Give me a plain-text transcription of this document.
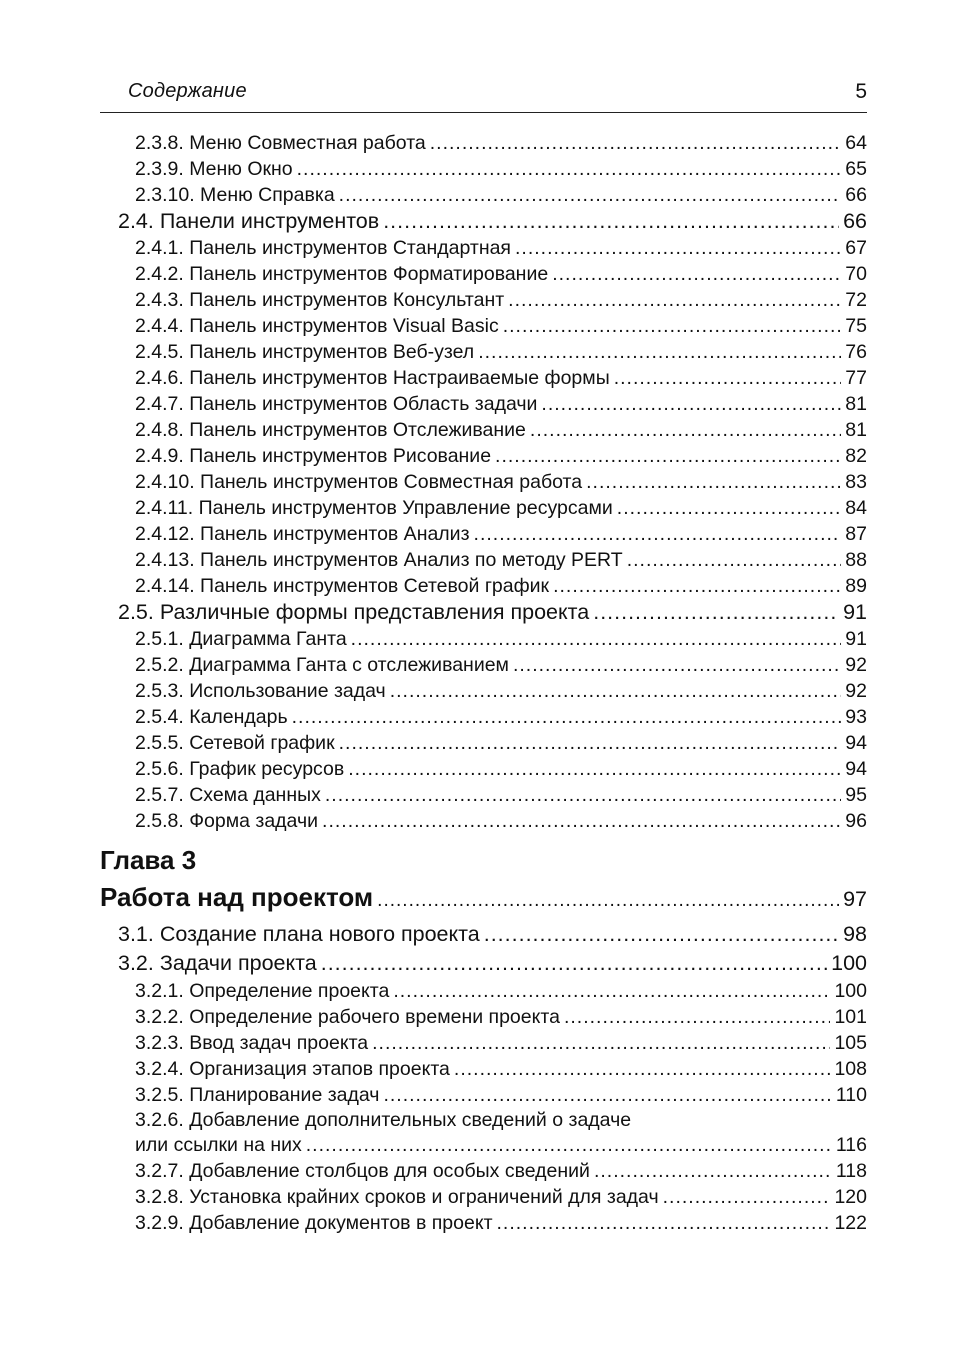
Содержание	5
2.3.8. Меню Совместная работа .....	64
2.3.9. Меню Окно .....	65
2.3.10. Меню Справка .....	66
2.4. Панели инструментов .....	66
2.4.1. Панель инструментов Стандартная .....	67
2.4.2. Панель инструментов Форматирование .....	70
2.4.3. Панель инструментов Консультант .....	72
2.4.4. Панель инструментов Visual Basic .....	75
2.4.5. Панель инструментов Веб-узел .....	76
2.4.6. Панель инструментов Настраиваемые формы .....	77
2.4.7. Панель инструментов Область задачи .....	81
2.4.8. Панель инструментов Отслеживание .....	81
2.4.9. Панель инструментов Рисование .....	82
2.4.10. Панель инструментов Совместная работа .....	83
2.4.11. Панель инструментов Управление ресурсами .....	84
2.4.12. Панель инструментов Анализ .....	87
2.4.13. Панель инструментов Анализ по методу PERT .....	88
2.4.14. Панель инструментов Сетевой график .....	89
2.5. Различные формы представления проекта .....	91
2.5.1. Диаграмма Ганта .....	91
2.5.2. Диаграмма Ганта с отслеживанием .....	92
2.5.3. Использование задач .....	92
2.5.4. Календарь .....	93
2.5.5. Сетевой график .....	94
2.5.6. График ресурсов .....	94
2.5.7. Схема данных .....	95
2.5.8. Форма задачи .....	96
Глава 3
Работа над проектом .....	97
3.1. Создание плана нового проекта .....	98
3.2. Задачи проекта .....	100
3.2.1. Определение проекта .....	100
3.2.2. Определение рабочего времени проекта .....	101
3.2.3. Ввод задач проекта .....	105
3.2.4. Организация этапов проекта .....	108
3.2.5. Планирование задач .....	110
3.2.6. Добавление дополнительных сведений о задаче
или ссылки на них .....	116
3.2.7. Добавление столбцов для особых сведений .....	118
3.2.8. Установка крайних сроков и ограничений для задач .....	120
3.2.9. Добавление документов в проект .....	122
